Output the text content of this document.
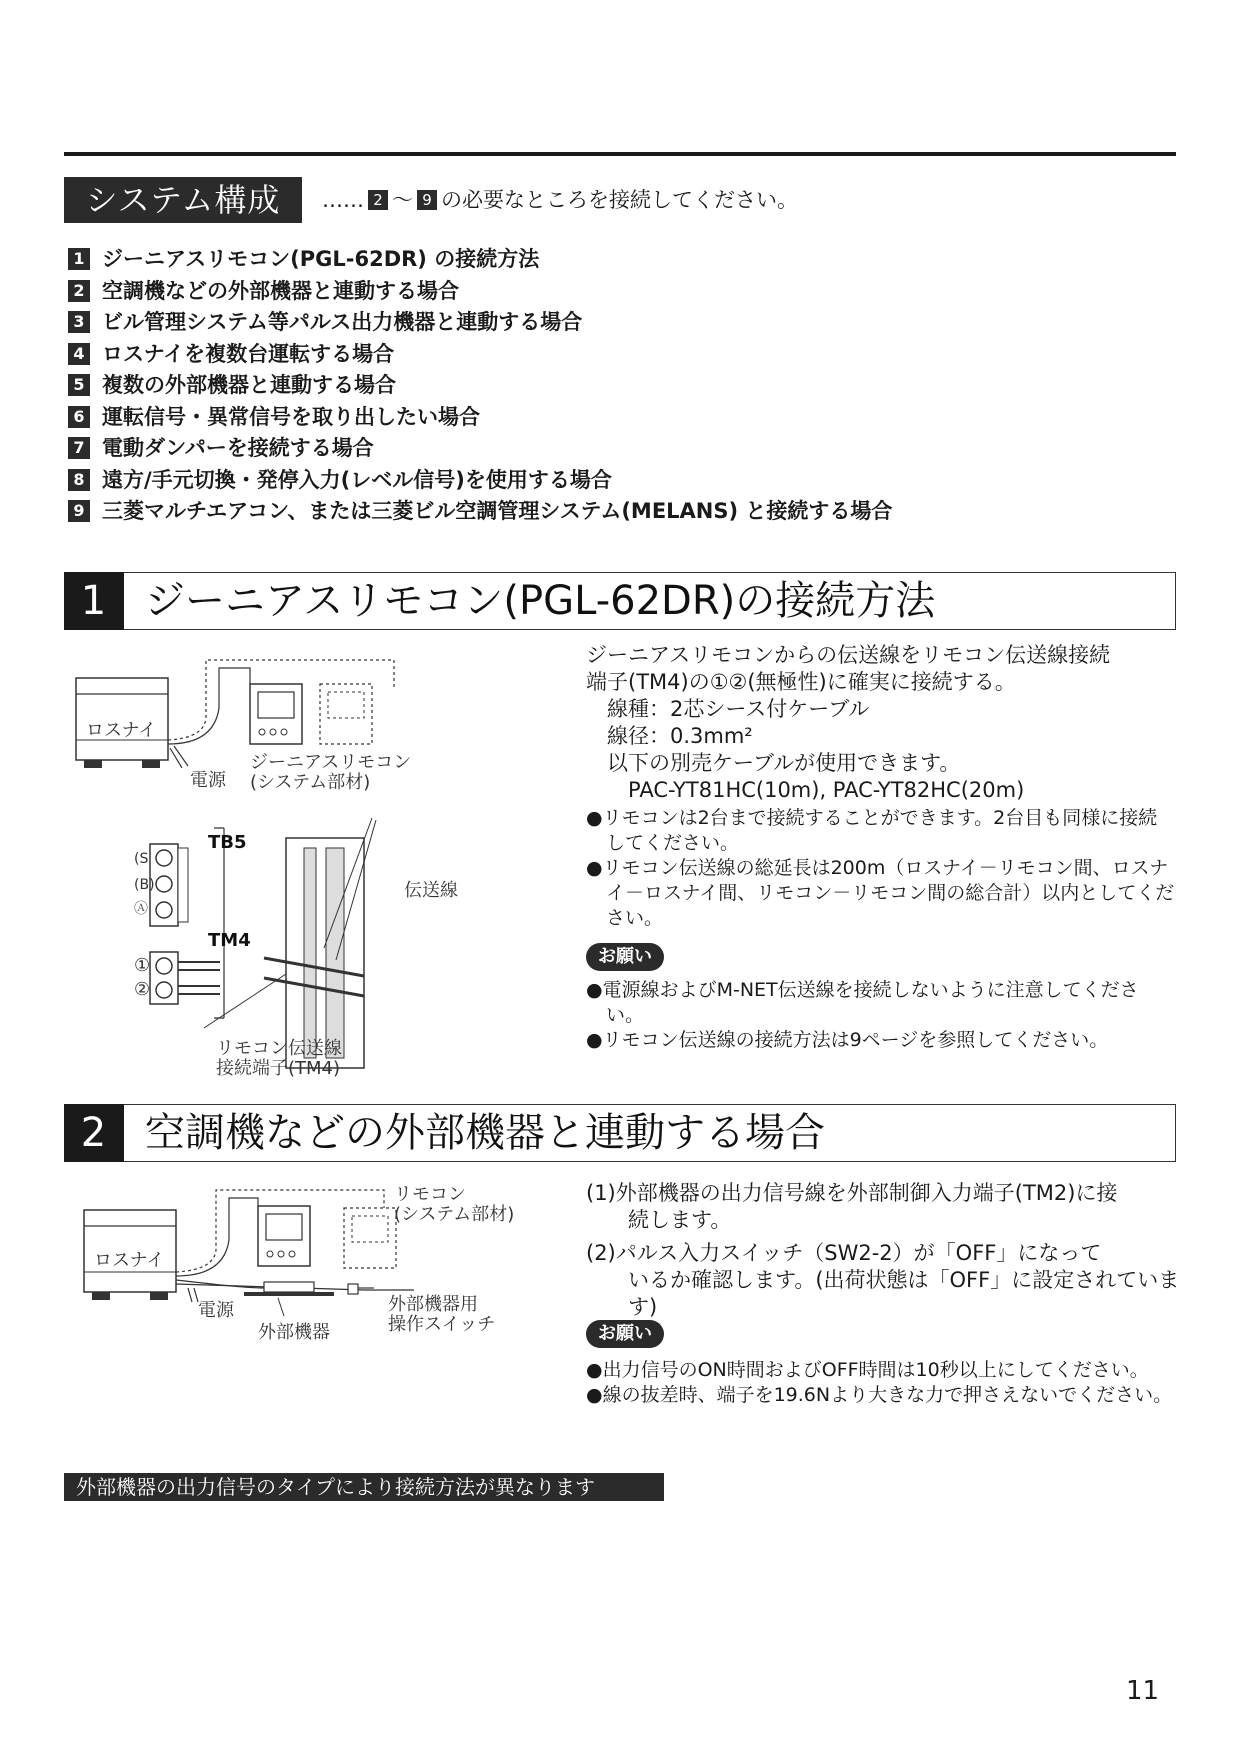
システム構成	…… 2 ～ 9 の必要なところを接続してください。
1 ジーニアスリモコン(PGL-62DR) の接続方法
2 空調機などの外部機器と連動する場合
3 ビル管理システム等パルス出力機器と連動する場合
4 ロスナイを複数台運転する場合
5 複数の外部機器と連動する場合
6 運転信号・異常信号を取り出したい場合
7 電動ダンパーを接続する場合
8 遠方/手元切換・発停入力(レベル信号)を使用する場合
9 三菱マルチエアコン、または三菱ビル空調管理システム(MELANS) と接続する場合
1 ジーニアスリモコン(PGL-62DR)の接続方法
ロスナイ
電源
ジーニアスリモコン
(システム部材)
TB5
(S
(B)
Ⓐ
TM4
①
②
伝送線
リモコン伝送線
接続端子(TM4)
ジーニアスリモコンからの伝送線をリモコン伝送線接続
端子(TM4)の①②(無極性)に確実に接続する。
　線種：2芯シース付ケーブル
　線径：0.3mm²
　以下の別売ケーブルが使用できます。
　　PAC-YT81HC(10m), PAC-YT82HC(20m)
●リモコンは2台まで接続することができます。2台目も同様に接続してください。
●リモコン伝送線の総延長は200m（ロスナイ－リモコン間、ロスナイ－ロスナイ間、リモコン－リモコン間の総合計）以内としてください。
お願い
●電源線およびM-NET伝送線を接続しないように注意してください。
●リモコン伝送線の接続方法は9ページを参照してください。
2 空調機などの外部機器と連動する場合
リモコン
(システム部材)
ロスナイ
電源
外部機器
外部機器用
操作スイッチ
(1)外部機器の出力信号線を外部制御入力端子(TM2)に接
　　続します。
(2)パルス入力スイッチ（SW2-2）が「OFF」になって
　　いるか確認します。(出荷状態は「OFF」に設定されていま
　　す)
お願い
●出力信号のON時間およびOFF時間は10秒以上にしてください。
●線の抜差時、端子を19.6Nより大きな力で押さえないでください。
外部機器の出力信号のタイプにより接続方法が異なります
11
